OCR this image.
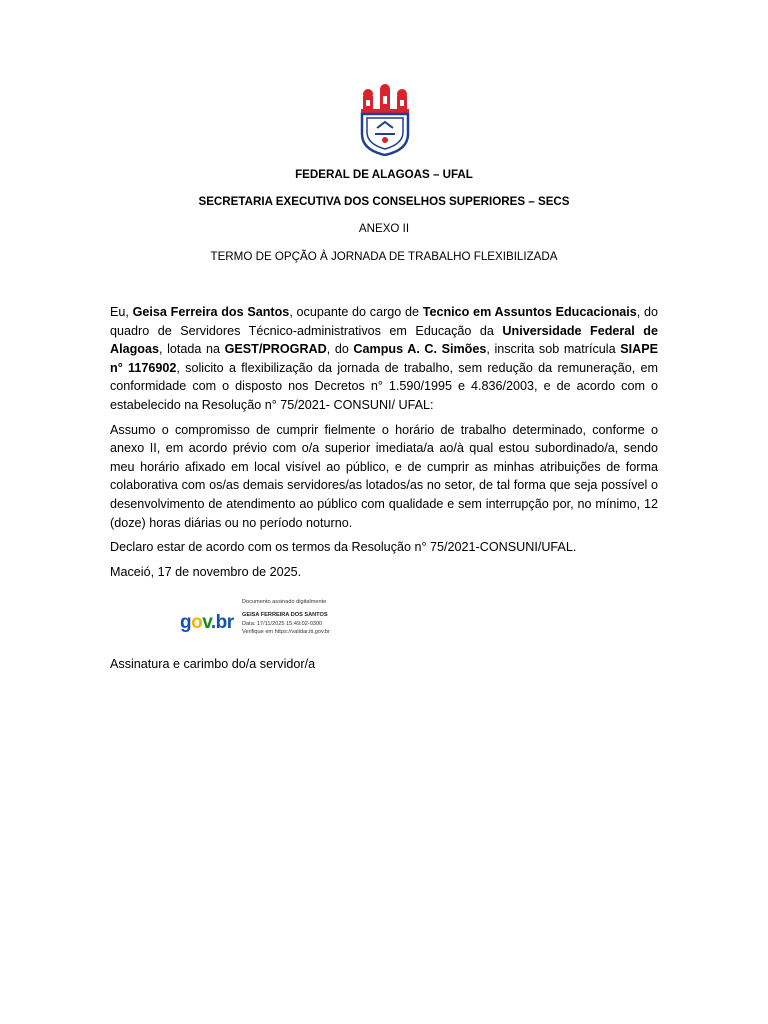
FEDERAL DE ALAGOAS – UFAL
SECRETARIA EXECUTIVA DOS CONSELHOS SUPERIORES – SECS
ANEXO II
TERMO DE OPÇÃO À JORNADA DE TRABALHO FLEXIBILIZADA

Eu, Geisa Ferreira dos Santos, ocupante do cargo de Tecnico em Assuntos Educacionais, do quadro de Servidores Técnico-administrativos em Educação da Universidade Federal de Alagoas, lotada na GEST/PROGRAD, do Campus A. C. Simões, inscrita sob matrícula SIAPE n° 1176902, solicito a flexibilização da jornada de trabalho, sem redução da remuneração, em conformidade com o disposto nos Decretos n° 1.590/1995 e 4.836/2003, e de acordo com o estabelecido na Resolução n° 75/2021- CONSUNI/ UFAL:

Assumo o compromisso de cumprir fielmente o horário de trabalho determinado, conforme o anexo II, em acordo prévio com o/a superior imediata/a ao/à qual estou subordinado/a, sendo meu horário afixado em local visível ao público, e de cumprir as minhas atribuições de forma colaborativa com os/as demais servidores/as lotados/as no setor, de tal forma que seja possível o desenvolvimento de atendimento ao público com qualidade e sem interrupção por, no mínimo, 12 (doze) horas diárias ou no período noturno.

Declaro estar de acordo com os termos da Resolução n° 75/2021-CONSUNI/UFAL.

Maceió, 17 de novembro de 2025.

gov.br
Documento assinado digitalmente
GEISA FERREIRA DOS SANTOS
Data: 17/11/2025 15:49:02-0300
Verifique em https://validar.iti.gov.br
Assinatura e carimbo do/a servidor/a
